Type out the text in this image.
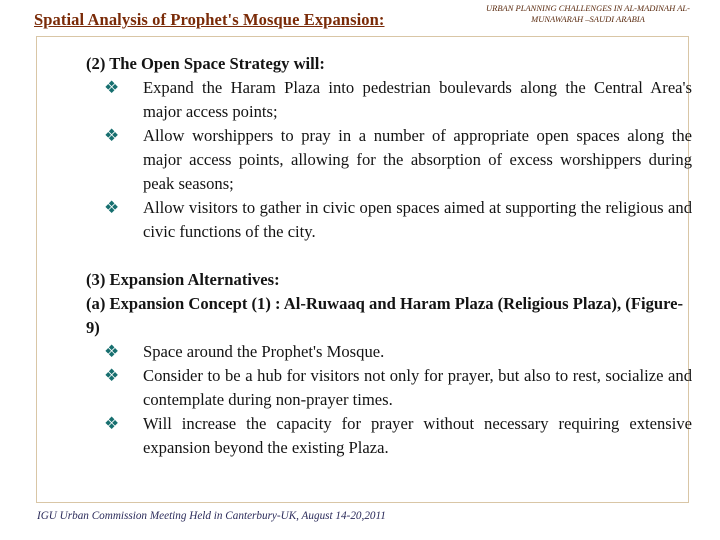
URBAN PLANNING CHALLENGES IN AL-MADINAH AL-
MUNAWARAH –SAUDI ARABIA
Spatial Analysis of Prophet's Mosque Expansion:

(2) The Open Space Strategy will:

❖ Expand the Haram Plaza into pedestrian boulevards along the Central Area's major access points;
❖ Allow worshippers to pray in a number of appropriate open spaces along the major access points, allowing for the absorption of excess worshippers during peak seasons;
❖ Allow visitors to gather in civic open spaces aimed at supporting the religious and civic functions of the city.

(3) Expansion Alternatives:

(a) Expansion Concept (1) : Al-Ruwaaq and Haram Plaza (Religious Plaza), (Figure-9)

❖ Space around the Prophet's Mosque.
❖ Consider to be a hub for visitors not only for prayer, but also to rest, socialize and contemplate during non-prayer times.
❖ Will increase the capacity for prayer without necessary requiring extensive expansion beyond the existing Plaza.
IGU Urban Commission Meeting Held in Canterbury-UK, August 14-20,2011
